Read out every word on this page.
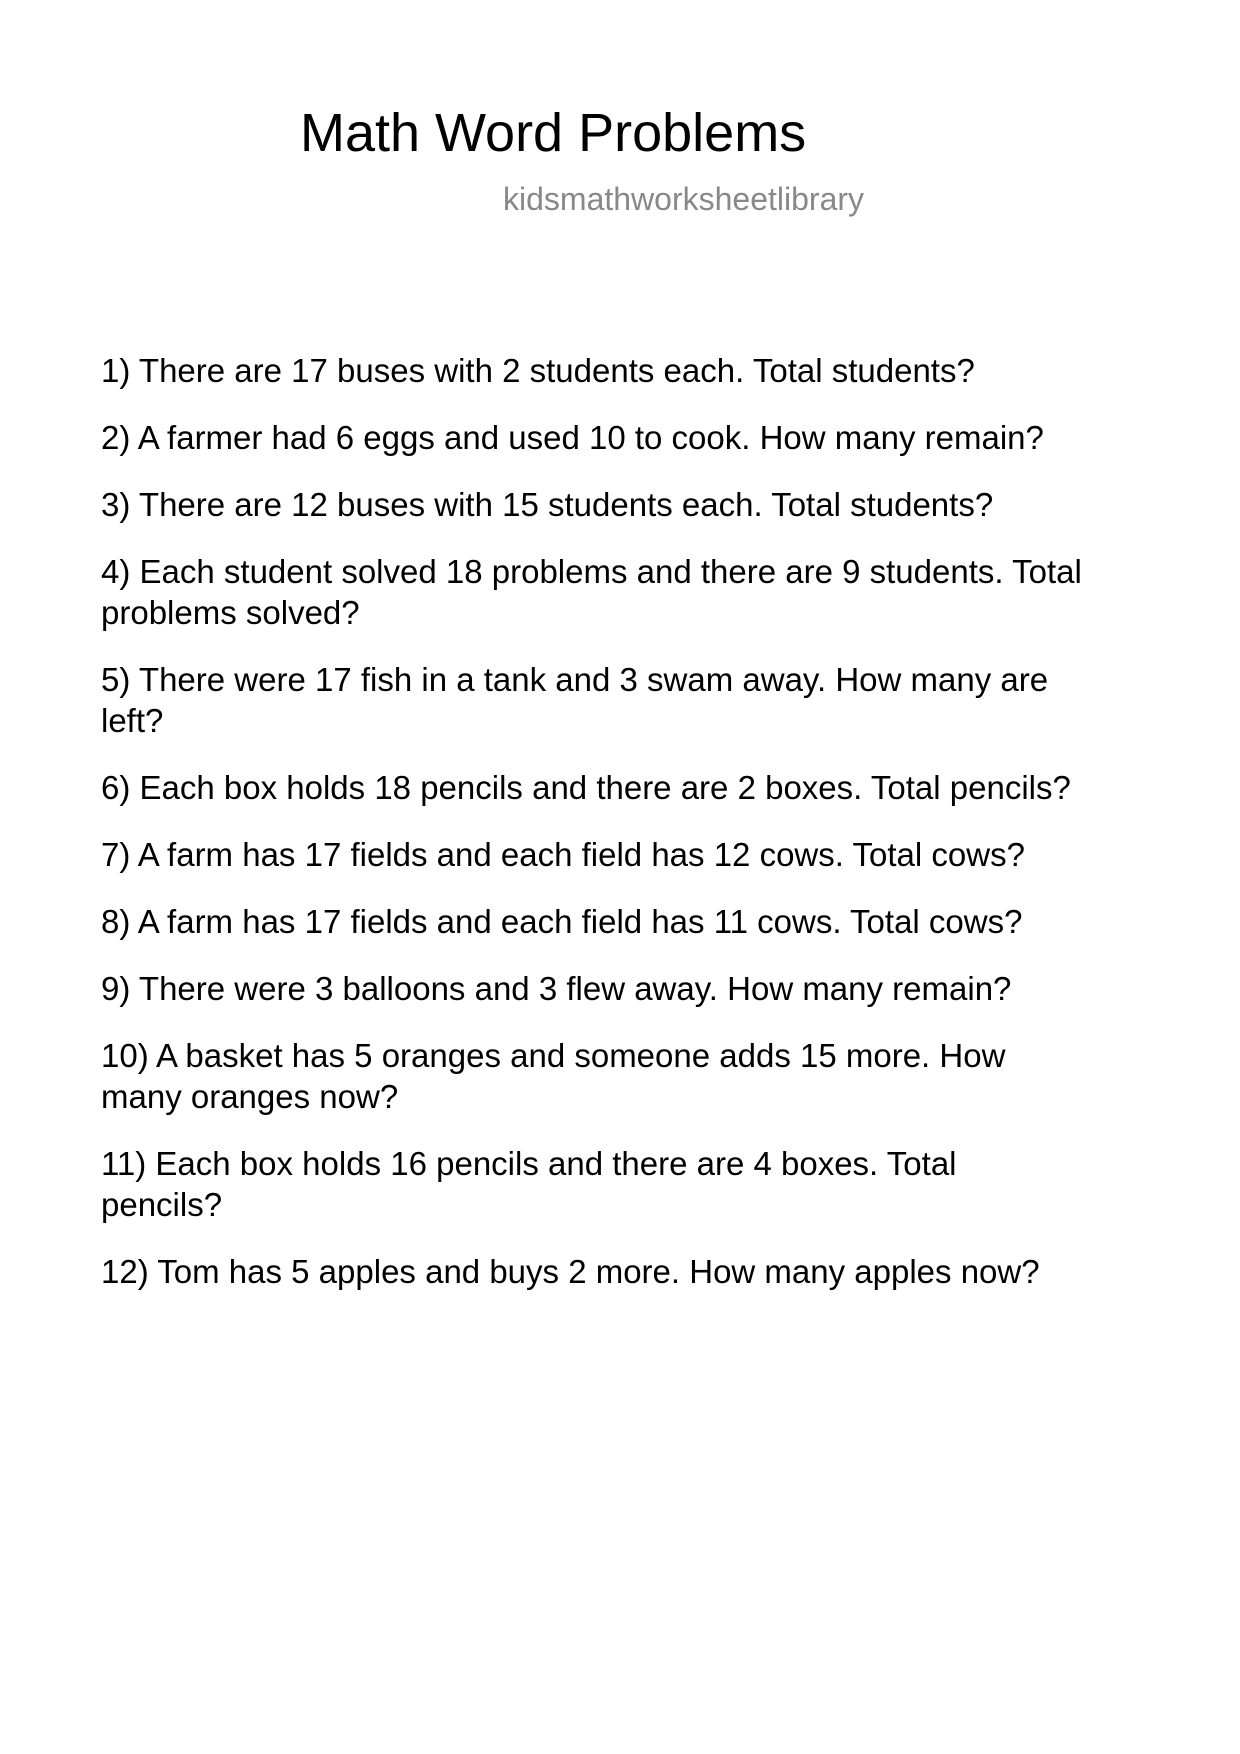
Math Word Problems
kidsmathworksheetlibrary
1) There are 17 buses with 2 students each. Total students?
2) A farmer had 6 eggs and used 10 to cook. How many remain?
3) There are 12 buses with 15 students each. Total students?
4) Each student solved 18 problems and there are 9 students. Total
problems solved?
5) There were 17 fish in a tank and 3 swam away. How many are
left?
6) Each box holds 18 pencils and there are 2 boxes. Total pencils?
7) A farm has 17 fields and each field has 12 cows. Total cows?
8) A farm has 17 fields and each field has 11 cows. Total cows?
9) There were 3 balloons and 3 flew away. How many remain?
10) A basket has 5 oranges and someone adds 15 more. How
many oranges now?
11) Each box holds 16 pencils and there are 4 boxes. Total
pencils?
12) Tom has 5 apples and buys 2 more. How many apples now?
